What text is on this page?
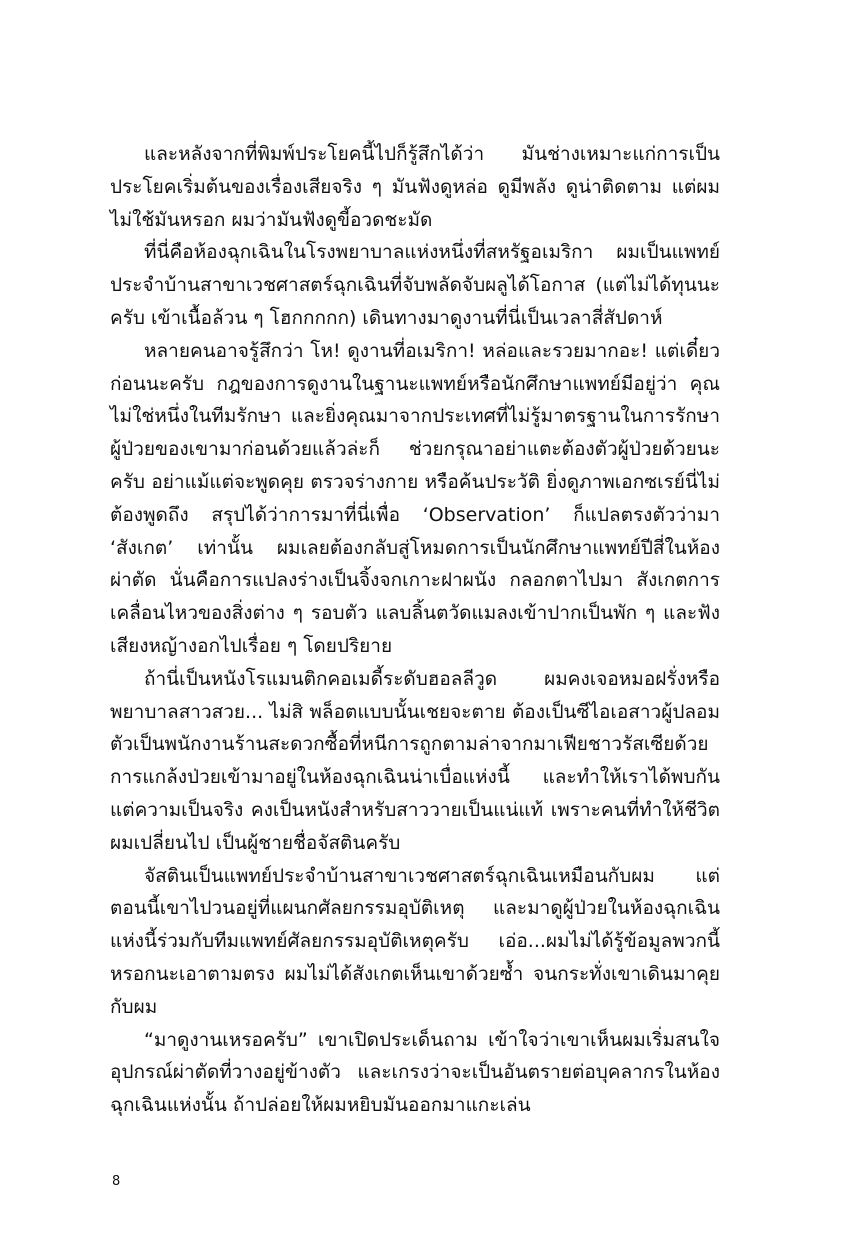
และหลังจากที่พิมพ์ประโยคนี้ไปก็รู้สึกได้ว่า มันช่างเหมาะแก่การเป็นประโยคเริ่มต้นของเรื่องเสียจริง ๆ มันฟังดูหล่อ ดูมีพลัง ดูน่าติดตาม แต่ผมไม่ใช้มันหรอก ผมว่ามันฟังดูขี้อวดชะมัด

ที่นี่คือห้องฉุกเฉินในโรงพยาบาลแห่งหนึ่งที่สหรัฐอเมริกา ผมเป็นแพทย์ประจำบ้านสาขาเวชศาสตร์ฉุกเฉินที่จับพลัดจับผลูได้โอกาส (แต่ไม่ได้ทุนนะครับ เข้าเนื้อล้วน ๆ โฮกกกกก) เดินทางมาดูงานที่นี่เป็นเวลาสี่สัปดาห์

หลายคนอาจรู้สึกว่า โห! ดูงานที่อเมริกา! หล่อและรวยมากอะ! แต่เดี๋ยวก่อนนะครับ กฎของการดูงานในฐานะแพทย์หรือนักศึกษาแพทย์มีอยู่ว่า คุณไม่ใช่หนึ่งในทีมรักษา และยิ่งคุณมาจากประเทศที่ไม่รู้มาตรฐานในการรักษาผู้ป่วยของเขามาก่อนด้วยแล้วล่ะก็ ช่วยกรุณาอย่าแตะต้องตัวผู้ป่วยด้วยนะครับ อย่าแม้แต่จะพูดคุย ตรวจร่างกาย หรือค้นประวัติ ยิ่งดูภาพเอกซเรย์นี่ไม่ต้องพูดถึง สรุปได้ว่าการมาที่นี่เพื่อ ‘Observation’ ก็แปลตรงตัวว่ามา ‘สังเกต’ เท่านั้น ผมเลยต้องกลับสู่โหมดการเป็นนักศึกษาแพทย์ปีสี่ในห้องผ่าตัด นั่นคือการแปลงร่างเป็นจิ้งจกเกาะฝาผนัง กลอกตาไปมา สังเกตการเคลื่อนไหวของสิ่งต่าง ๆ รอบตัว แลบลิ้นตวัดแมลงเข้าปากเป็นพัก ๆ และฟังเสียงหญ้างอกไปเรื่อย ๆ โดยปริยาย

ถ้านี่เป็นหนังโรแมนติกคอเมดี้ระดับฮอลลีวูด ผมคงเจอหมอฝรั่งหรือพยาบาลสาวสวย... ไม่สิ พล็อตแบบนั้นเชยจะตาย ต้องเป็นซีไอเอสาวผู้ปลอมตัวเป็นพนักงานร้านสะดวกซื้อที่หนีการถูกตามล่าจากมาเฟียชาวรัสเซียด้วยการแกล้งป่วยเข้ามาอยู่ในห้องฉุกเฉินน่าเบื่อแห่งนี้ และทำให้เราได้พบกัน แต่ความเป็นจริง คงเป็นหนังสำหรับสาววายเป็นแน่แท้ เพราะคนที่ทำให้ชีวิตผมเปลี่ยนไป เป็นผู้ชายชื่อจัสตินครับ

จัสตินเป็นแพทย์ประจำบ้านสาขาเวชศาสตร์ฉุกเฉินเหมือนกับผม แต่ตอนนี้เขาไปวนอยู่ที่แผนกศัลยกรรมอุบัติเหตุ และมาดูผู้ป่วยในห้องฉุกเฉินแห่งนี้ร่วมกับทีมแพทย์ศัลยกรรมอุบัติเหตุครับ เอ่อ...ผมไม่ได้รู้ข้อมูลพวกนี้หรอกนะเอาตามตรง ผมไม่ได้สังเกตเห็นเขาด้วยซ้ำ จนกระทั่งเขาเดินมาคุยกับผม

“มาดูงานเหรอครับ” เขาเปิดประเด็นถาม เข้าใจว่าเขาเห็นผมเริ่มสนใจอุปกรณ์ผ่าตัดที่วางอยู่ข้างตัว และเกรงว่าจะเป็นอันตรายต่อบุคลากรในห้องฉุกเฉินแห่งนั้น ถ้าปล่อยให้ผมหยิบมันออกมาแกะเล่น

8
